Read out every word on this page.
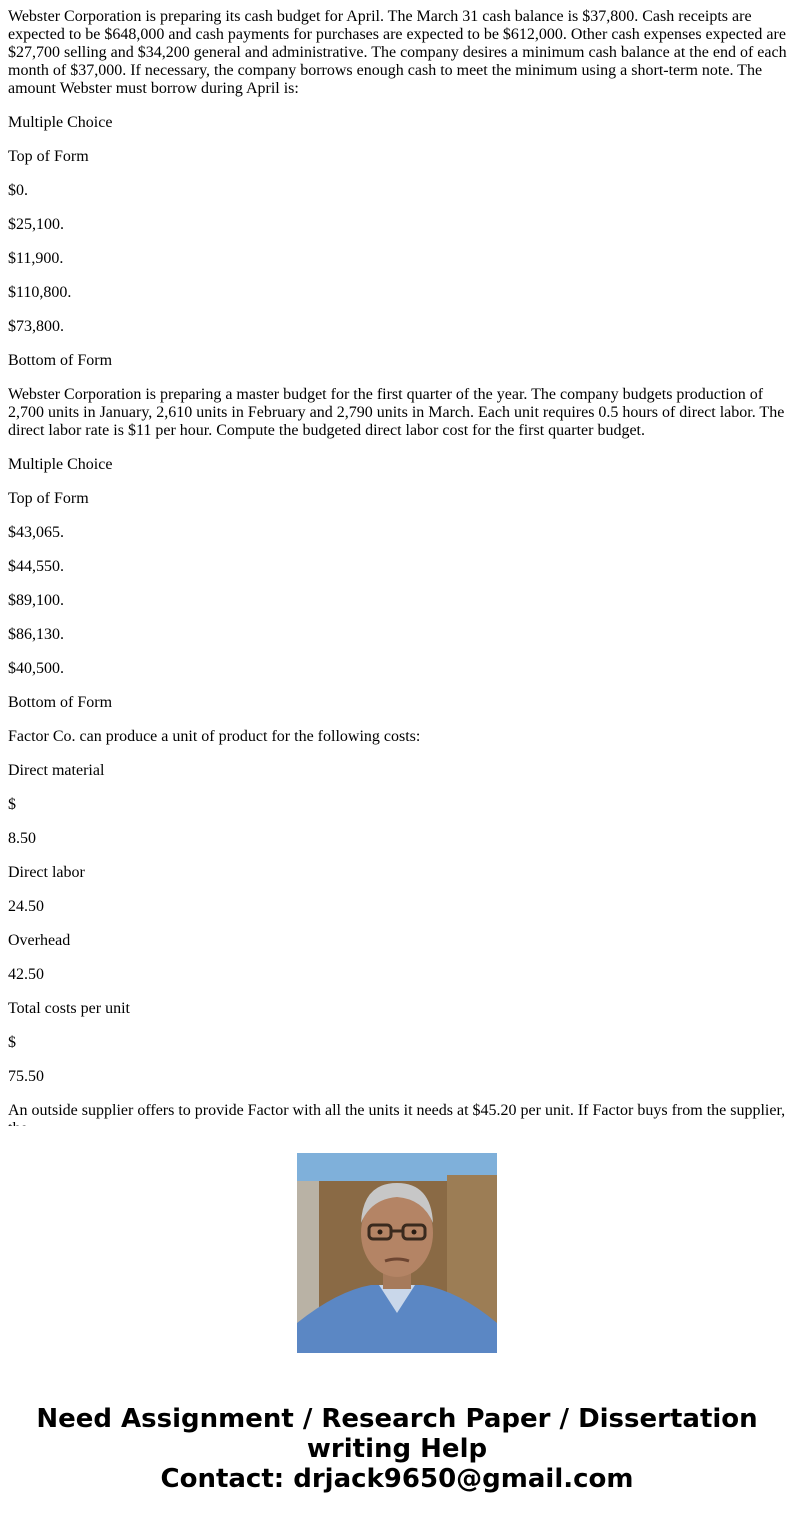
Webster Corporation is preparing its cash budget for April. The March 31 cash balance is $37,800. Cash receipts are expected to be $648,000 and cash payments for purchases are expected to be $612,000. Other cash expenses expected are $27,700 selling and $34,200 general and administrative. The company desires a minimum cash balance at the end of each month of $37,000. If necessary, the company borrows enough cash to meet the minimum using a short-term note. The amount Webster must borrow during April is:

Multiple Choice

Top of Form

$0.

$25,100.

$11,900.

$110,800.

$73,800.

Bottom of Form

Webster Corporation is preparing a master budget for the first quarter of the year. The company budgets production of 2,700 units in January, 2,610 units in February and 2,790 units in March. Each unit requires 0.5 hours of direct labor. The direct labor rate is $11 per hour. Compute the budgeted direct labor cost for the first quarter budget.

Multiple Choice

Top of Form

$43,065.

$44,550.

$89,100.

$86,130.

$40,500.

Bottom of Form

Factor Co. can produce a unit of product for the following costs:

Direct material

$

8.50

Direct labor

24.50

Overhead

42.50

Total costs per unit

$

75.50

An outside supplier offers to provide Factor with all the units it needs at $45.20 per unit. If Factor buys from the supplier,

Need Assignment / Research Paper / Dissertation
writing Help
Contact: drjack9650@gmail.com
